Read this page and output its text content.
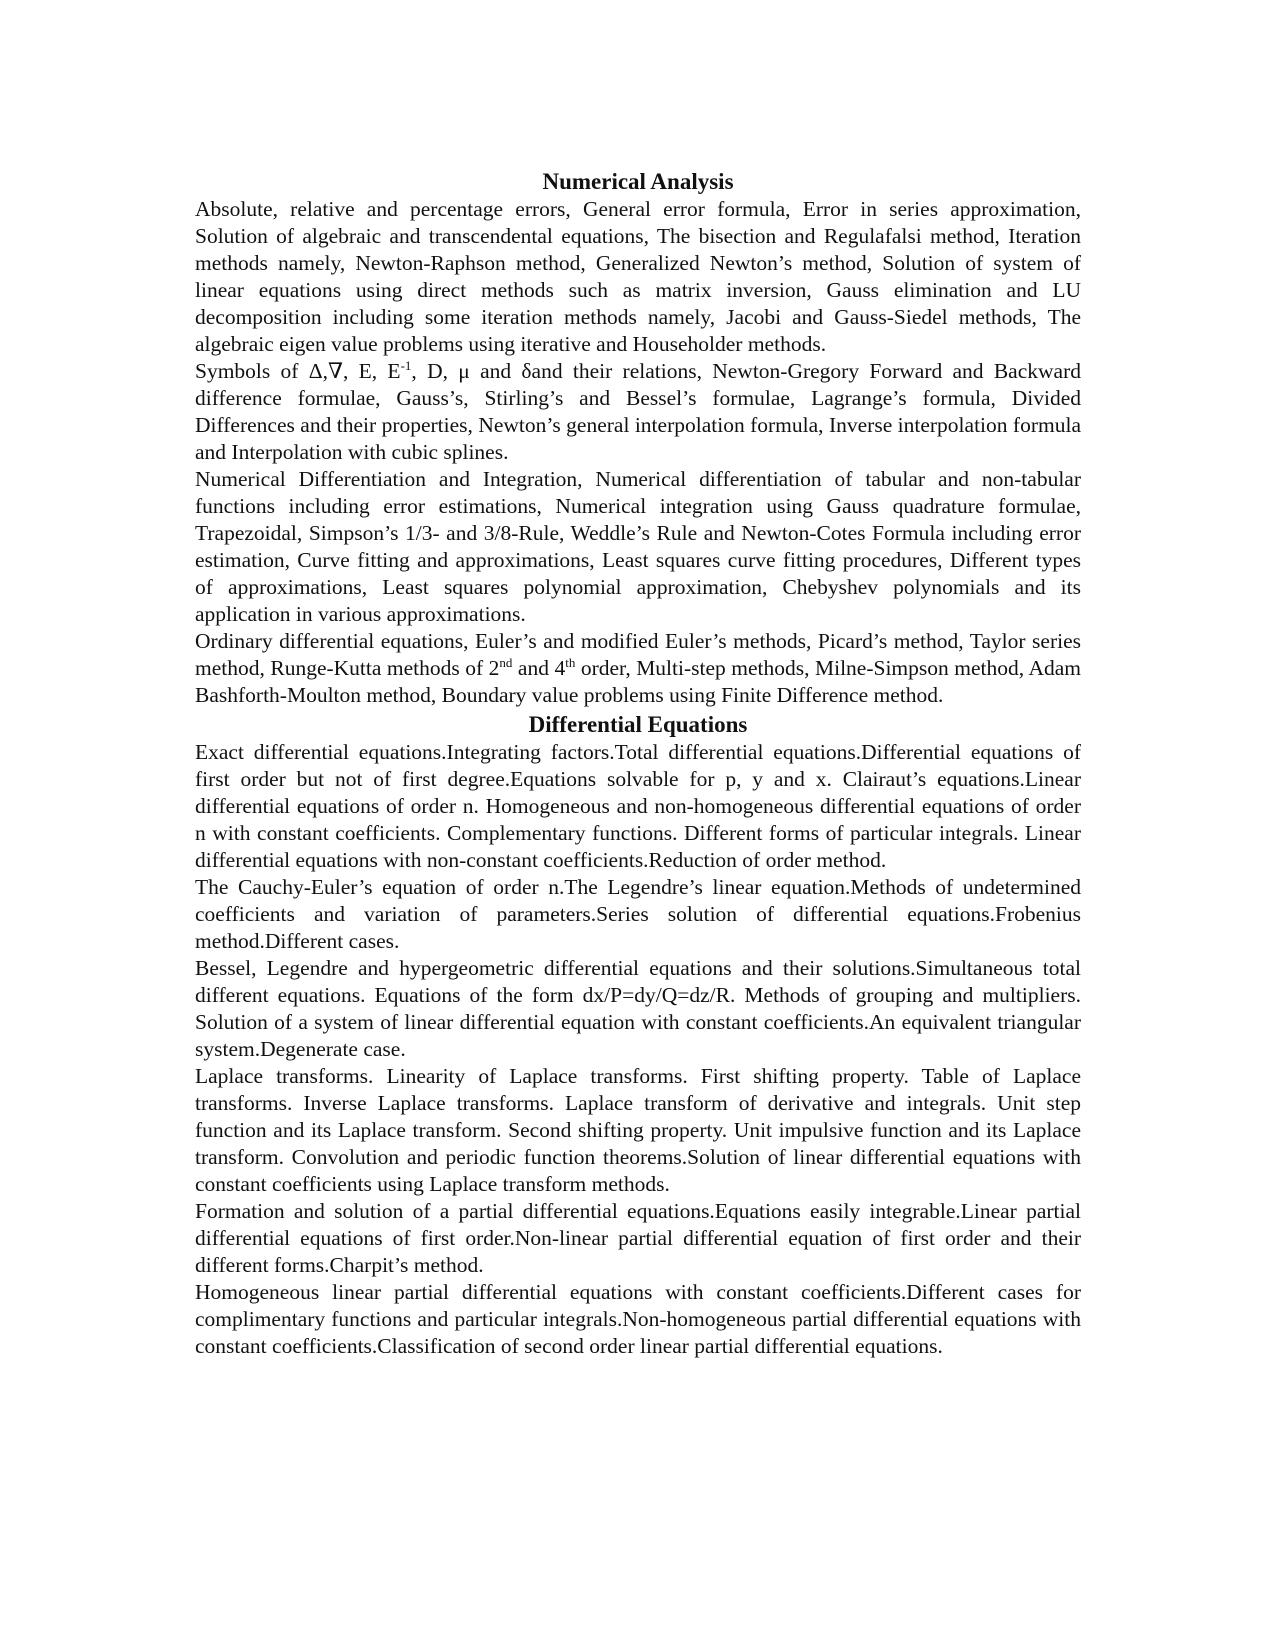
Numerical Analysis

Absolute, relative and percentage errors, General error formula, Error in series approximation, Solution of algebraic and transcendental equations, The bisection and Regulafalsi method, Iteration methods namely, Newton-Raphson method, Generalized Newton’s method, Solution of system of linear equations using direct methods such as matrix inversion, Gauss elimination and LU decomposition including some iteration methods namely, Jacobi and Gauss-Siedel methods, The algebraic eigen value problems using iterative and Householder methods.

Symbols of Δ,∇, E, $E^{-1}$, D, μ and δand their relations, Newton-Gregory Forward and Backward difference formulae, Gauss’s, Stirling’s and Bessel’s formulae, Lagrange’s formula, Divided Differences and their properties, Newton’s general interpolation formula, Inverse interpolation formula and Interpolation with cubic splines.

Numerical Differentiation and Integration, Numerical differentiation of tabular and non-tabular functions including error estimations, Numerical integration using Gauss quadrature formulae, Trapezoidal, Simpson’s 1/3- and 3/8-Rule, Weddle’s Rule and Newton-Cotes Formula including error estimation, Curve fitting and approximations, Least squares curve fitting procedures, Different types of approximations, Least squares polynomial approximation, Chebyshev polynomials and its application in various approximations.

Ordinary differential equations, Euler’s and modified Euler’s methods, Picard’s method, Taylor series method, Runge-Kutta methods of 2nd and 4th order, Multi-step methods, Milne-Simpson method, Adam Bashforth-Moulton method, Boundary value problems using Finite Difference method.

Differential Equations

Exact differential equations.Integrating factors.Total differential equations.Differential equations of first order but not of first degree.Equations solvable for p, y and x. Clairaut’s equations.Linear differential equations of order n. Homogeneous and non-homogeneous differential equations of order n with constant coefficients. Complementary functions. Different forms of particular integrals. Linear differential equations with non-constant coefficients.Reduction of order method.

The Cauchy-Euler’s equation of order n.The Legendre’s linear equation.Methods of undetermined coefficients and variation of parameters.Series solution of differential equations.Frobenius method.Different cases.

Bessel, Legendre and hypergeometric differential equations and their solutions.Simultaneous total different equations. Equations of the form dx/P=dy/Q=dz/R. Methods of grouping and multipliers. Solution of a system of linear differential equation with constant coefficients.An equivalent triangular system.Degenerate case.

Laplace transforms. Linearity of Laplace transforms. First shifting property. Table of Laplace transforms. Inverse Laplace transforms. Laplace transform of derivative and integrals. Unit step function and its Laplace transform. Second shifting property. Unit impulsive function and its Laplace transform. Convolution and periodic function theorems.Solution of linear differential equations with constant coefficients using Laplace transform methods.

Formation and solution of a partial differential equations.Equations easily integrable.Linear partial differential equations of first order.Non-linear partial differential equation of first order and their different forms.Charpit’s method.

Homogeneous linear partial differential equations with constant coefficients.Different cases for complimentary functions and particular integrals.Non-homogeneous partial differential equations with constant coefficients.Classification of second order linear partial differential equations.
